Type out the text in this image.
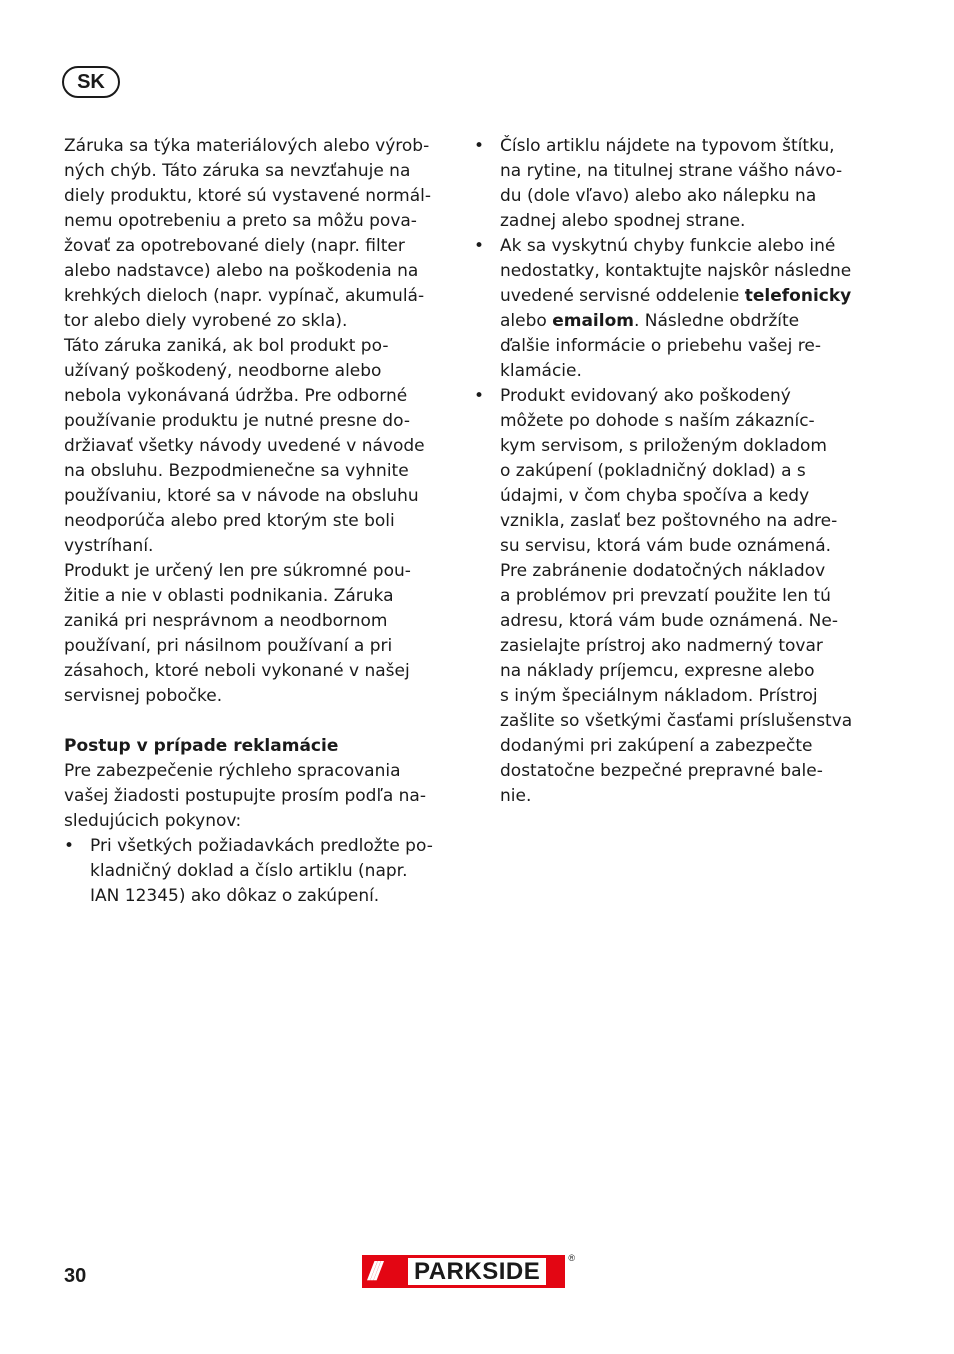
SK

Záruka sa týka materiálových alebo výrob-

ných chýb. Táto záruka sa nevzťahuje na

diely produktu, ktoré sú vystavené normál-

nemu opotrebeniu a preto sa môžu pova-

žovať za opotrebované diely (napr. filter

alebo nadstavce) alebo na poškodenia na

krehkých dieloch (napr. vypínač, akumulá-

tor alebo diely vyrobené zo skla).

Táto záruka zaniká, ak bol produkt po-

užívaný poškodený, neodborne alebo

nebola vykonávaná údržba. Pre odborné

používanie produktu je nutné presne do-

držiavať všetky návody uvedené v návode

na obsluhu. Bezpodmienečne sa vyhnite

používaniu, ktoré sa v návode na obsluhu

neodporúča alebo pred ktorým ste boli

vystríhaní.

Produkt je určený len pre súkromné pou-

žitie a nie v oblasti podnikania. Záruka

zaniká pri nesprávnom a neodbornom

používaní, pri násilnom používaní a pri

zásahoch, ktoré neboli vykonané v našej

servisnej pobočke.

Postup v prípade reklamácie

Pre zabezpečenie rýchleho spracovania

vašej žiadosti postupujte prosím podľa na-

sledujúcich pokynov:

• Pri všetkých požiadavkách predložte po-

kladničný doklad a číslo artiklu (napr.

IAN 12345) ako dôkaz o zakúpení.

• Číslo artiklu nájdete na typovom štítku,

na rytine, na titulnej strane vášho návo-

du (dole vľavo) alebo ako nálepku na

zadnej alebo spodnej strane.

• Ak sa vyskytnú chyby funkcie alebo iné

nedostatky, kontaktujte najskôr následne

uvedené servisné oddelenie telefonicky

alebo emailom. Následne obdržíte

ďalšie informácie o priebehu vašej re-

klamácie.

• Produkt evidovaný ako poškodený

môžete po dohode s naším zákazníc-

kym servisom, s priloženým dokladom

o zakúpení (pokladničný doklad) a s

údajmi, v čom chyba spočíva a kedy

vznikla, zaslať bez poštovného na adre-

su servisu, ktorá vám bude oznámená.

Pre zabránenie dodatočných nákladov

a problémov pri prevzatí použite len tú

adresu, ktorá vám bude oznámená. Ne-

zasielajte prístroj ako nadmerný tovar

na náklady príjemcu, expresne alebo

s iným špeciálnym nákladom. Prístroj

zašlite so všetkými časťami príslušenstva

dodanými pri zakúpení a zabezpečte

dostatočne bezpečné prepravné bale-

nie.

30	///	PARKSIDE	®
